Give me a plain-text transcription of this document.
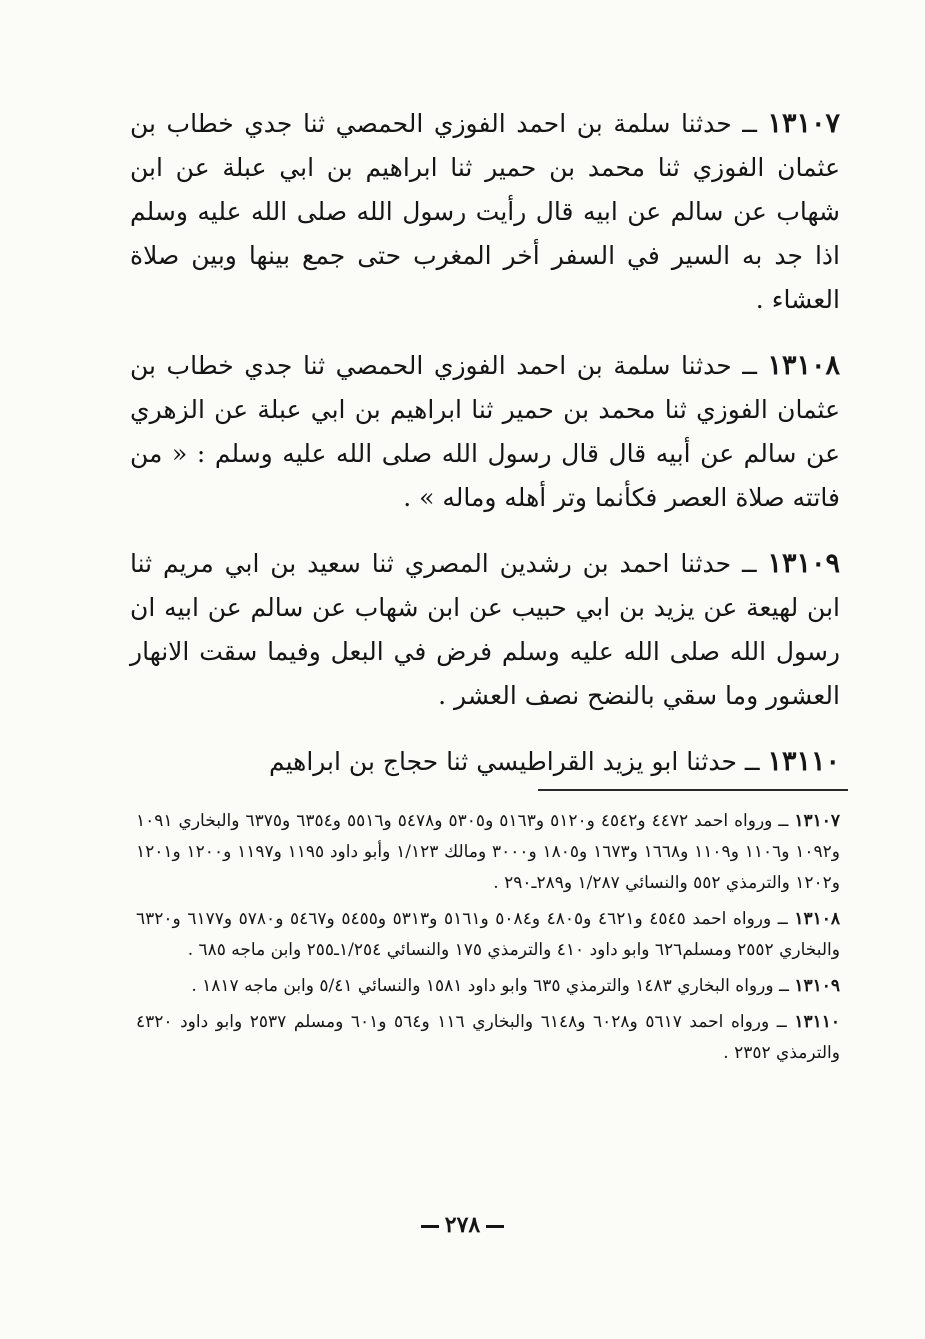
١٣١٠٧ ــ حدثنا سلمة بن احمد الفوزي الحمصي ثنا جدي خطاب بن عثمان الفوزي ثنا محمد بن حمير ثنا ابراهيم بن ابي عبلة عن ابن شهاب عن سالم عن ابيه قال رأيت رسول الله صلى الله عليه وسلم اذا جد به السير في السفر أخر المغرب حتى جمع بينها وبين صلاة العشاء .

١٣١٠٨ ــ حدثنا سلمة بن احمد الفوزي الحمصي ثنا جدي خطاب بن عثمان الفوزي ثنا محمد بن حمير ثنا ابراهيم بن ابي عبلة عن الزهري عن سالم عن أبيه قال قال رسول الله صلى الله عليه وسلم : « من فاتته صلاة العصر فكأنما وتر أهله وماله » .

١٣١٠٩ ــ حدثنا احمد بن رشدين المصري ثنا سعيد بن ابي مريم ثنا ابن لهيعة عن يزيد بن ابي حبيب عن ابن شهاب عن سالم عن ابيه ان رسول الله صلى الله عليه وسلم فرض في البعل وفيما سقت الانهار العشور وما سقي بالنضح نصف العشر .

١٣١١٠ ــ حدثنا ابو يزيد القراطيسي ثنا حجاج بن ابراهيم

١٣١٠٧ ــ ورواه احمد ٤٤٧٢ و٤٥٤٢ و٥١٢٠ و٥١٦٣ و٥٣٠٥ و٥٤٧٨ و٥٥١٦ و٦٣٥٤ و٦٣٧٥ والبخاري ١٠٩١ و١٠٩٢ و١١٠٦ و١١٠٩ و١٦٦٨ و١٦٧٣ و١٨٠٥ و٣٠٠٠ ومالك ١/١٢٣ وأبو داود ١١٩٥ و١١٩٧ و١٢٠٠ و١٢٠١ و١٢٠٢ والترمذي ٥٥٢ والنسائي ١/٢٨٧ و٢٨٩ـ٢٩٠ .

١٣١٠٨ ــ ورواه احمد ٤٥٤٥ و٤٦٢١ و٤٨٠٥ و٥٠٨٤ و٥١٦١ و٥٣١٣ و٥٤٥٥ و٥٤٦٧ و٥٧٨٠ و٦١٧٧ و٦٣٢٠ والبخاري ٢٥٥٢ ومسلم٦٢٦ وابو داود ٤١٠ والترمذي ١٧٥ والنسائي ١/٢٥٤ـ٢٥٥ وابن ماجه ٦٨٥ .

١٣١٠٩ ــ ورواه البخاري ١٤٨٣ والترمذي ٦٣٥ وابو داود ١٥٨١ والنسائي ٥/٤١ وابن ماجه ١٨١٧ .

١٣١١٠ ــ ورواه احمد ٥٦١٧ و٦٠٢٨ و٦١٤٨ والبخاري ١١٦ و٥٦٤ و٦٠١ ومسلم ٢٥٣٧ وابو داود ٤٣٢٠ والترمذي ٢٣٥٢ .

٢٧٨
